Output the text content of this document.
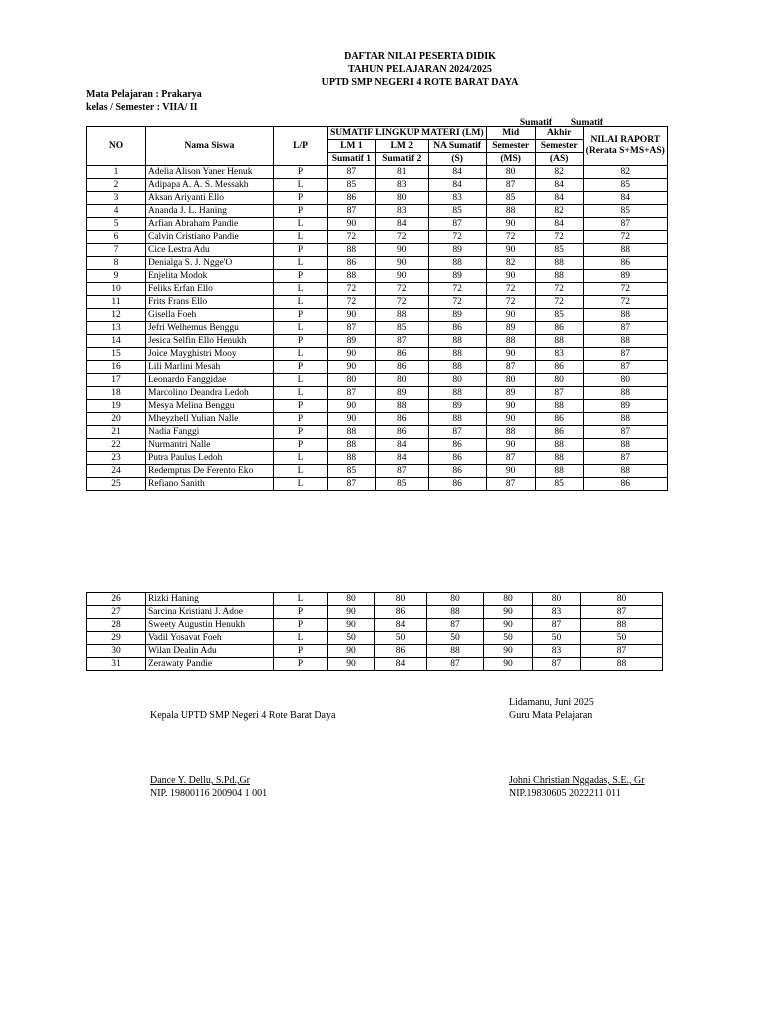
DAFTAR NILAI PESERTA DIDIK
TAHUN PELAJARAN 2024/2025
UPTD SMP NEGERI 4 ROTE BARAT DAYA
Mata Pelajaran : Prakarya
kelas / Semester : VIIA/ II
Sumatif	Sumatif
NO	Nama Siswa	L/P	SUMATIF LINGKUP MATERI (LM)			Mid	Akhir	NILAI RAPORT
(Rerata S+MS+AS)
			LM 1	LM 2	NA Sumatif	Semester	Semester	
			Sumatif 1	Sumatif 2	(S)	(MS)	(AS)	
1	Adelia Alison Yaner Henuk	P	87	81	84	80	82	82
2	Adipapa A. A. S. Messakh	L	85	83	84	87	84	85
3	Aksan Ariyanti Ello	P	86	80	83	85	84	84
4	Ananda J. L. Haning	P	87	83	85	88	82	85
5	Arfian Abraham Pandie	L	90	84	87	90	84	87
6	Calvin Cristiano Pandie	L	72	72	72	72	72	72
7	Cice Lestra Adu	P	88	90	89	90	85	88
8	Denialga S. J. Ngge'O	L	86	90	88	82	88	86
9	Enjelita Modok	P	88	90	89	90	88	89
10	Feliks Erfan Ello	L	72	72	72	72	72	72
11	Frits Frans Ello	L	72	72	72	72	72	72
12	Gisella Foeh	P	90	88	89	90	85	88
13	Jefri Welhemus Benggu	L	87	85	86	89	86	87
14	Jesica Selfin Ello Henukh	P	89	87	88	88	88	88
15	Joice Mayghistri Mooy	L	90	86	88	90	83	87
16	Lili Marlini Mesah	P	90	86	88	87	86	87
17	Leonardo Fanggidae	L	80	80	80	80	80	80
18	Marcolino Deandra Ledoh	L	87	89	88	89	87	88
19	Mesya Melina Benggu	P	90	88	89	90	88	89
20	Mheyzhell Yulian Nalle	P	90	86	88	90	86	88
21	Nadia Fanggi	P	88	86	87	88	86	87
22	Nurmantri Nalle	P	88	84	86	90	88	88
23	Putra Paulus Ledoh	L	88	84	86	87	88	87
24	Redemptus De Ferento Eko	L	85	87	86	90	88	88
25	Refiano Sanith	L	87	85	86	87	85	86
26	Rizki Haning	L	80	80	80	80	80	80
27	Sarcina Kristiani J. Adoe	P	90	86	88	90	83	87
28	Sweety Augustin Henukh	P	90	84	87	90	87	88
29	Vadil Yosavat Foeh	L	50	50	50	50	50	50
30	Wilan Dealin Adu	P	90	86	88	90	83	87
31	Zerawaty Pandie	P	90	84	87	90	87	88
Lidamanu, Juni 2025
Guru Mata Pelajaran
Kepala UPTD SMP Negeri 4 Rote Barat Daya
Dance Y. Dellu, S.Pd.,Gr
NIP. 19800116 200904 1 001
Johni Christian Nggadas, S.E., Gr
NIP.19830605 2022211 011
